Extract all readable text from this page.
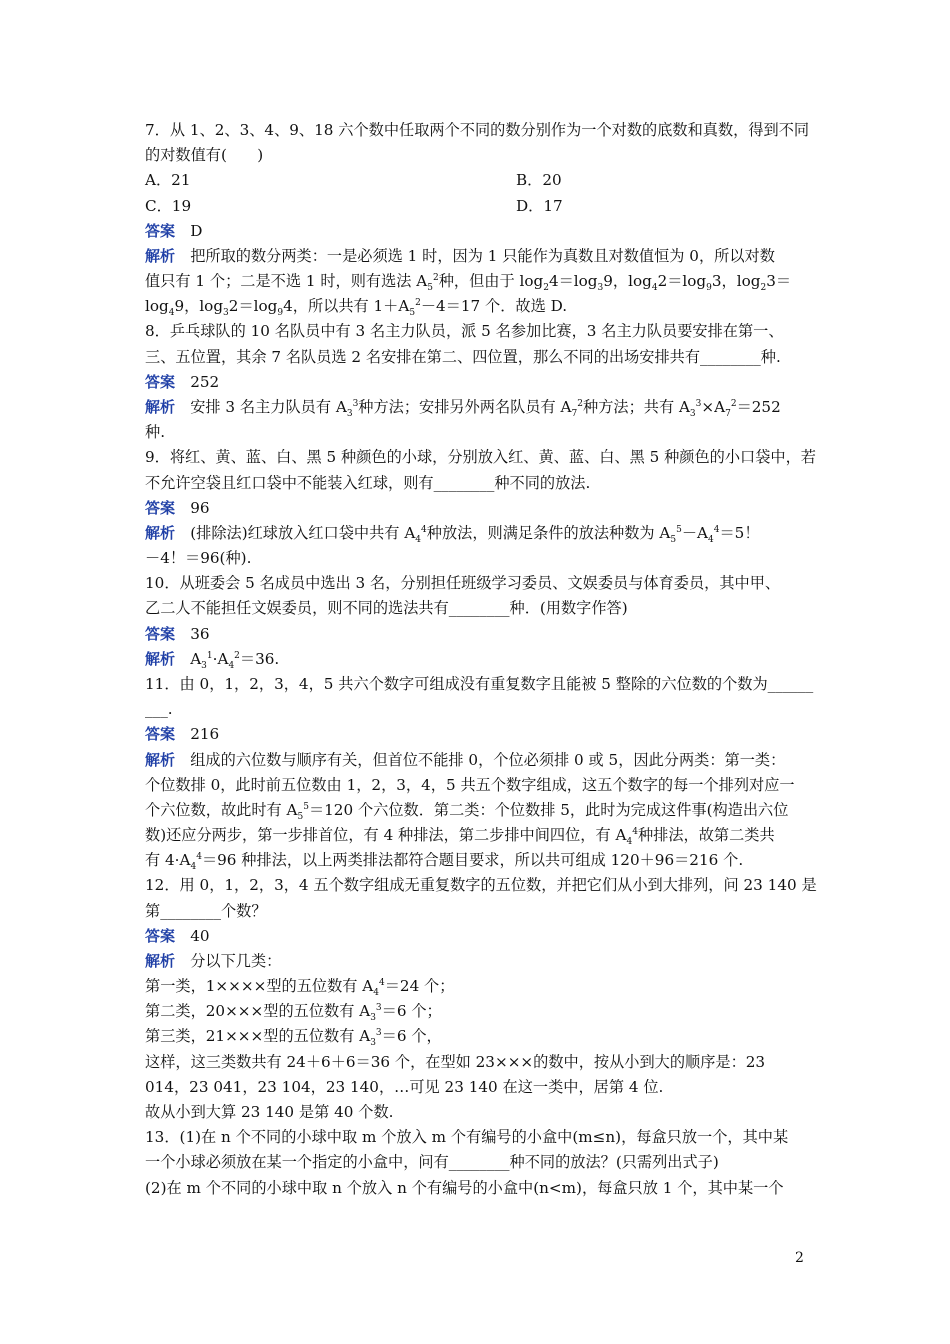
7．从 1、2、3、4、9、18 六个数中任取两个不同的数分别作为一个对数的底数和真数，得到不同
的对数值有(　　)
A．21	B．20
C．19	D．17
答案　D
解析　把所取的数分两类：一是必须选 1 时，因为 1 只能作为真数且对数值恒为 0，所以对数
值只有 1 个；二是不选 1 时，则有选法 $A_5^2$种，但由于 $\log_24=\log_39$，$\log_42=\log_93$，$\log_23=$
$\log_49$，$\log_32=\log_94$，所以共有 $1+A_5^2-4=17$ 个．故选 D.
8．乒乓球队的 10 名队员中有 3 名主力队员，派 5 名参加比赛，3 名主力队员要安排在第一、
三、五位置，其余 7 名队员选 2 名安排在第二、四位置，那么不同的出场安排共有________种.
答案　252
解析　安排 3 名主力队员有 $A_3^3$种方法；安排另外两名队员有 $A_7^2$种方法；共有 $A_3^3\times A_7^2=252$
种.
9．将红、黄、蓝、白、黑 5 种颜色的小球，分别放入红、黄、蓝、白、黑 5 种颜色的小口袋中，若
不允许空袋且红口袋中不能装入红球，则有________种不同的放法.
答案　96
解析　(排除法)红球放入红口袋中共有 $A_4^4$种放法，则满足条件的放法种数为 $A_5^5-A_4^4=5$！
－4！＝96(种).
10．从班委会 5 名成员中选出 3 名，分别担任班级学习委员、文娱委员与体育委员，其中甲、
乙二人不能担任文娱委员，则不同的选法共有________种．(用数字作答)
答案　36
解析　$A_3^1\cdot A_4^2=36$.
11．由 0，1，2，3，4，5 共六个数字可组成没有重复数字且能被 5 整除的六位数的个数为______
___.
答案　216
解析　组成的六位数与顺序有关，但首位不能排 0，个位必须排 0 或 5，因此分两类：第一类：
个位数排 0，此时前五位数由 1，2，3，4，5 共五个数字组成，这五个数字的每一个排列对应一
个六位数，故此时有 $A_5^5=120$ 个六位数．第二类：个位数排 5，此时为完成这件事(构造出六位
数)还应分两步，第一步排首位，有 4 种排法，第二步排中间四位，有 $A_4^4$种排法，故第二类共
有 $4\cdot A_4^4=96$ 种排法，以上两类排法都符合题目要求，所以共可组成 120＋96＝216 个.
12．用 0，1，2，3，4 五个数字组成无重复数字的五位数，并把它们从小到大排列，问 23 140 是
第________个数？
答案　40
解析　分以下几类：
第一类，1××××型的五位数有 $A_4^4=24$ 个；
第二类，20×××型的五位数有 $A_3^3=6$ 个；
第三类，21×××型的五位数有 $A_3^3=6$ 个，
这样，这三类数共有 24＋6＋6＝36 个，在型如 23×××的数中，按从小到大的顺序是：23
014，23 041，23 104，23 140，…可见 23 140 在这一类中，居第 4 位.
故从小到大算 23 140 是第 40 个数.
13．(1)在 n 个不同的小球中取 m 个放入 m 个有编号的小盒中(m≤n)，每盒只放一个，其中某
一个小球必须放在某一个指定的小盒中，问有________种不同的放法？(只需列出式子)
(2)在 m 个不同的小球中取 n 个放入 n 个有编号的小盒中(n<m)，每盒只放 1 个，其中某一个
2
